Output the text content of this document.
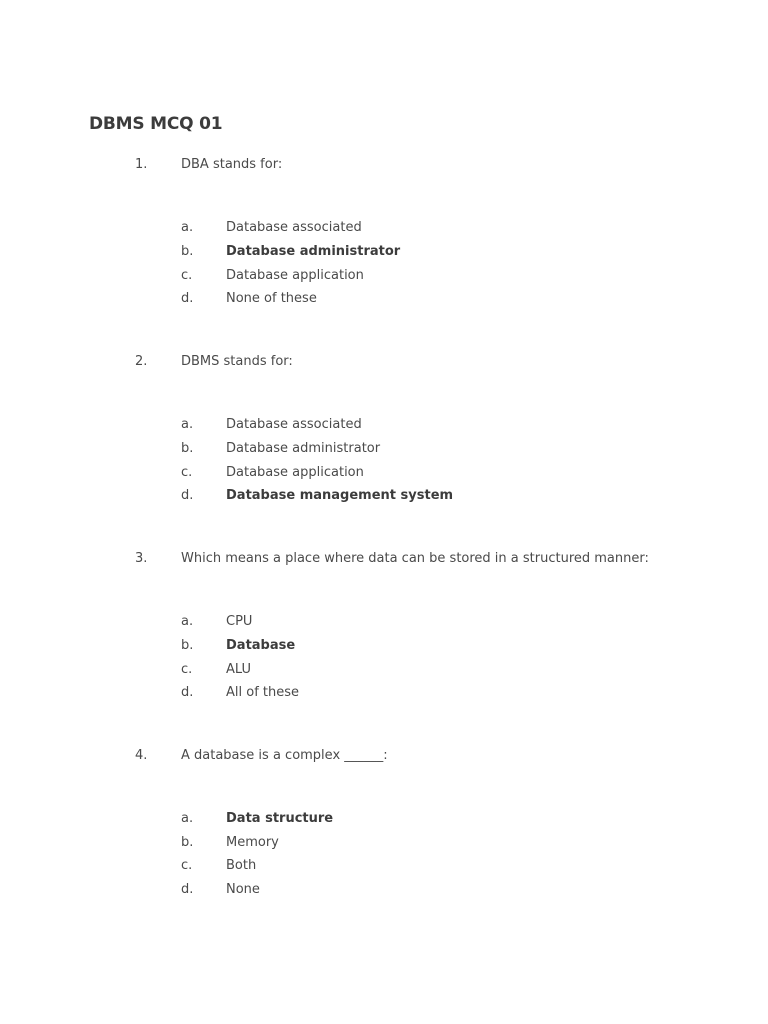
DBMS MCQ 01
1.	DBA stands for:
a.	Database associated
b.	Database administrator
c.	Database application
d.	None of these
2.	DBMS stands for:
a.	Database associated
b.	Database administrator
c.	Database application
d.	Database management system
3.	Which means a place where data can be stored in a structured manner:
a.	CPU
b.	Database
c.	ALU
d.	All of these
4.	A database is a complex ______:
a.	Data structure
b.	Memory
c.	Both
d.	None
